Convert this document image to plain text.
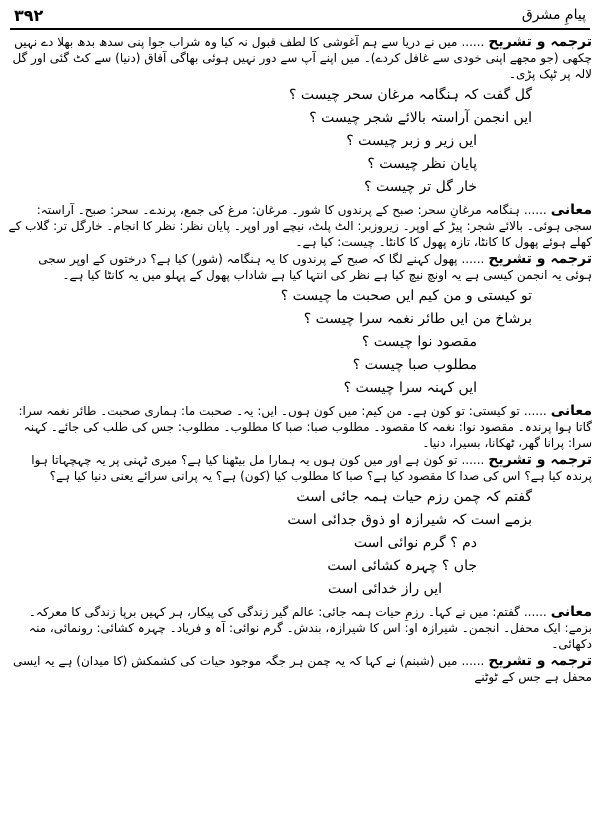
۳۹۲	پیامِ مشرق
ترجمہ و تشریح......میں نے دریا سے ہم آغوشی کا لطف قبول نہ کیا وہ شراب جوا پنی سدھ بدھ بھلا دے نہیں چکھی (جو مجھے اپنی خودی سے غافل کردے)۔ میں اپنے آپ سے دور نہیں ہوئی بھاگی آفاق (دنیا) سے کٹ گئی اور گل لالہ پر ٹپک پڑی۔
گل گفت کہ ہنگامہ مرغان سحر چیست ؟
ایں انجمن آراستہ بالائے شجر چیست ؟
ایں زیر و زبر چیست ؟
پایان نظر چیست ؟
خار گل تر چیست ؟
معانی......ہنگامہ مرغانِ سحر: صبح کے پرندوں کا شور۔ مرغان: مرغ کی جمع، پرندے۔ سحر: صبح۔ آراستہ: سجی ہوئی۔ بالائے شجر: پیڑ کے اوپر۔ زیروزبر: الٹ پلٹ، نیچے اور اوپر۔ پایان نظر: نظر کا انجام۔ خارگل تر: گلاب کے کھلے ہوئے پھول کا کانٹا، تازہ پھول کا کانٹا۔ چیست: کیا ہے۔
ترجمہ و تشریح......پھول کہنے لگا کہ صبح کے پرندوں کا یہ ہنگامہ (شور) کیا ہے؟ درختوں کے اوپر سجی ہوئی یہ انجمن کیسی ہے یہ اونچ نیچ کیا ہے نظر کی انتہا کیا ہے شاداب پھول کے پہلو میں یہ کانٹا کیا ہے۔
تو کیستی و من کیم ایں صحبت ما چیست ؟
برشاخ من ایں طائر نغمہ سرا چیست ؟
مقصود نوا چیست ؟
مطلوب صبا چیست ؟
ایں کہنہ سرا چیست ؟
معانی......تو کیستی: تو کون ہے۔ من کیم: میں کون ہوں۔ ایں: یہ۔ صحبت ما: ہماری صحبت۔ طائر نغمہ سرا: گاتا ہوا پرندہ۔ مقصود نوا: نغمہ کا مقصود۔ مطلوب صبا: صبا کا مطلوب۔ مطلوب: جس کی طلب کی جائے۔ کہنہ سرا: پرانا گھر، ٹھکانا، بسیرا، دنیا۔
ترجمہ و تشریح......تو کون ہے اور میں کون ہوں یہ ہمارا مل بیٹھنا کیا ہے؟ میری ٹہنی پر یہ چہچہاتا ہوا پرندہ کیا ہے؟ اس کی صدا کا مقصود کیا ہے؟ صبا کا مطلوب کیا (کون) ہے؟ یہ پرانی سرائے یعنی دنیا کیا ہے؟
گفتم کہ چمن رزم حیات ہمہ جائی است
بزمے است کہ شیرازہ او ذوق جدائی است
دم ؟ گرم نوائی است
جاں ؟ چہرہ کشائی است
ایں راز خدائی است
معانی......گفتم: میں نے کہا۔ رزمِ حیات ہمہ جائی: عالم گیر زندگی کی پیکار، ہر کہیں برپا زندگی کا معرکہ۔ بزمے: ایک محفل۔ انجمن۔ شیرازہ او: اس کا شیرازہ، بندش۔ گرم نوائی: آہ و فریاد۔ چہرہ کشائی: رونمائی، منہ دکھائی۔
ترجمہ و تشریح......میں (شبنم) نے کہا کہ یہ چمن ہر جگہ موجود حیات کی کشمکش (کا میدان) ہے یہ ایسی محفل ہے جس کے ٹوٹنے
